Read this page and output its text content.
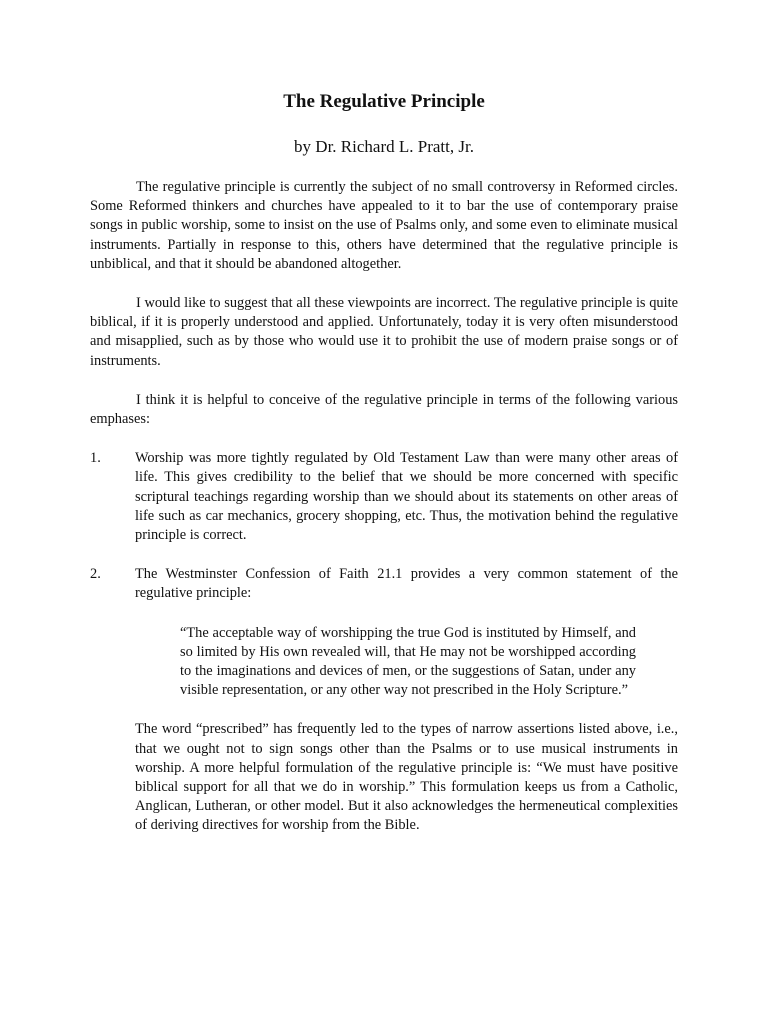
The Regulative Principle

by Dr. Richard L. Pratt, Jr.

The regulative principle is currently the subject of no small controversy in Reformed circles. Some Reformed thinkers and churches have appealed to it to bar the use of contemporary praise songs in public worship, some to insist on the use of Psalms only, and some even to eliminate musical instruments. Partially in response to this, others have determined that the regulative principle is unbiblical, and that it should be abandoned altogether.

I would like to suggest that all these viewpoints are incorrect. The regulative principle is quite biblical, if it is properly understood and applied. Unfortunately, today it is very often misunderstood and misapplied, such as by those who would use it to prohibit the use of modern praise songs or of instruments.

I think it is helpful to conceive of the regulative principle in terms of the following various emphases:

1. Worship was more tightly regulated by Old Testament Law than were many other areas of life. This gives credibility to the belief that we should be more concerned with specific scriptural teachings regarding worship than we should about its statements on other areas of life such as car mechanics, grocery shopping, etc. Thus, the motivation behind the regulative principle is correct.
2. The Westminster Confession of Faith 21.1 provides a very common statement of the regulative principle:
“The acceptable way of worshipping the true God is instituted by Himself, and so limited by His own revealed will, that He may not be worshipped according to the imaginations and devices of men, or the suggestions of Satan, under any visible representation, or any other way not prescribed in the Holy Scripture.”

The word “prescribed” has frequently led to the types of narrow assertions listed above, i.e., that we ought not to sign songs other than the Psalms or to use musical instruments in worship. A more helpful formulation of the regulative principle is: “We must have positive biblical support for all that we do in worship.” This formulation keeps us from a Catholic, Anglican, Lutheran, or other model. But it also acknowledges the hermeneutical complexities of deriving directives for worship from the Bible.
